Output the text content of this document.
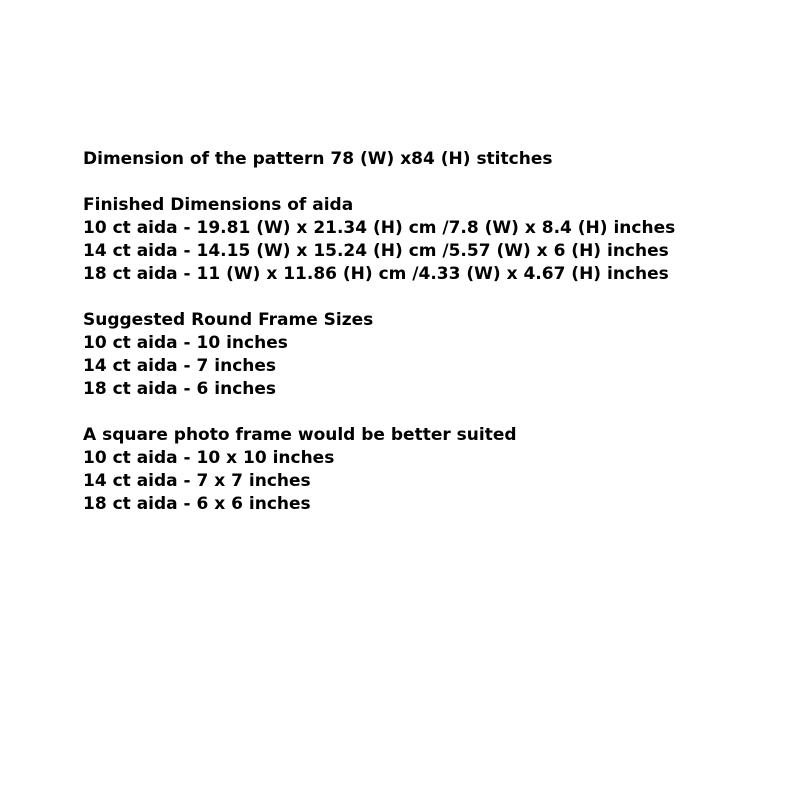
Dimension of the pattern 78 (W) x84 (H) stitches
Finished Dimensions of aida
10 ct aida - 19.81 (W) x 21.34 (H) cm /7.8 (W) x 8.4 (H) inches
14 ct aida - 14.15 (W) x 15.24 (H) cm /5.57 (W) x 6 (H) inches
18 ct aida - 11 (W) x 11.86 (H) cm /4.33 (W) x 4.67 (H) inches
Suggested Round Frame Sizes
10 ct aida - 10 inches
14 ct aida - 7 inches
18 ct aida - 6 inches
A square photo frame would be better suited
10 ct aida - 10 x 10 inches
14 ct aida - 7 x 7 inches
18 ct aida - 6 x 6 inches
